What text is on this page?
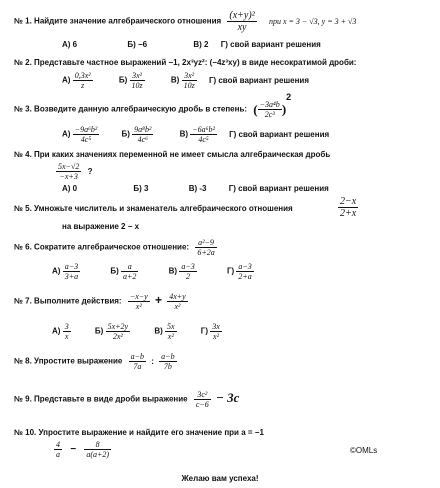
№ 1. Найдите значение алгебраического отношения $\frac{\text{(x+y)²}}{xy}$ при x = 3 − √3, y = 3 + √3
А) 6	Б) −6	В) 2 Г) свой вариант решения
№ 2. Представьте частное выражений −1, 2x³yz²: (−4z³xy) в виде несократимой дроби:
$А) \frac{\text{0,3x²}}{z}$	$Б) \frac{\text{3x²}}{10z}$	$В) \frac{\text{3x²}}{10z} Г$) свой вариант решения
№ 3. Возведите данную алгебраическую дробь в степень: ( $\frac{\text{−3a⁴b}}{\text{2c³}} )^2$
$А) \frac{\text{−9a⁶b²}}{\text{4c⁵}}$	$Б) \frac{\text{9a⁸b²}}{\text{4c⁶}}$	$В) \frac{\text{−6a⁶b²}}{\text{4c⁵}} Г$) свой вариант решения
№ 4. При каких значениях переменной не имеет смысла алгебраическая дробь
$\frac{5x-√2}{-x+3}$ ?
А) 0	Б) 3	В) -3	Г) свой вариант решения
№ 5. Умножьте числитель и знаменатель алгебраического отношения	$\frac{2-x}{2+x}$
на выражение 2 − x
№ 6. Сократите алгебраическое отношение: $\frac{\text{a²−9}}{6+2a}$
$А) \frac{a-3}{3+a}$	$Б) \frac{a}{a+2}$	$В) \frac{a-3}{2}$	$Г) \frac{a-3}{2+a}$
№ 7. Выполните действия: $\frac{-x-y}{\text{x²}} + \frac{4x+y}{\text{x²}}$
$А) \frac{3}{x}$	$Б) \frac{5x+2y}{\text{2x²}}$	$В) \frac{5x}{\text{x²}}$	$Г) \frac{3x}{\text{x²}}$
№ 8. Упростите выражение $\frac{a-b}{7a}$ : $\frac{a-b}{7b}$
№ 9. Представьте в виде дроби выражение $\frac{\text{3c²}}{c-6} - 3c$
№ 10. Упростите выражение и найдите его значение при a = −1
$\frac{4}{a} - \frac{8}{a(a+2)}$	©OMLs
Желаю вам успеха!
